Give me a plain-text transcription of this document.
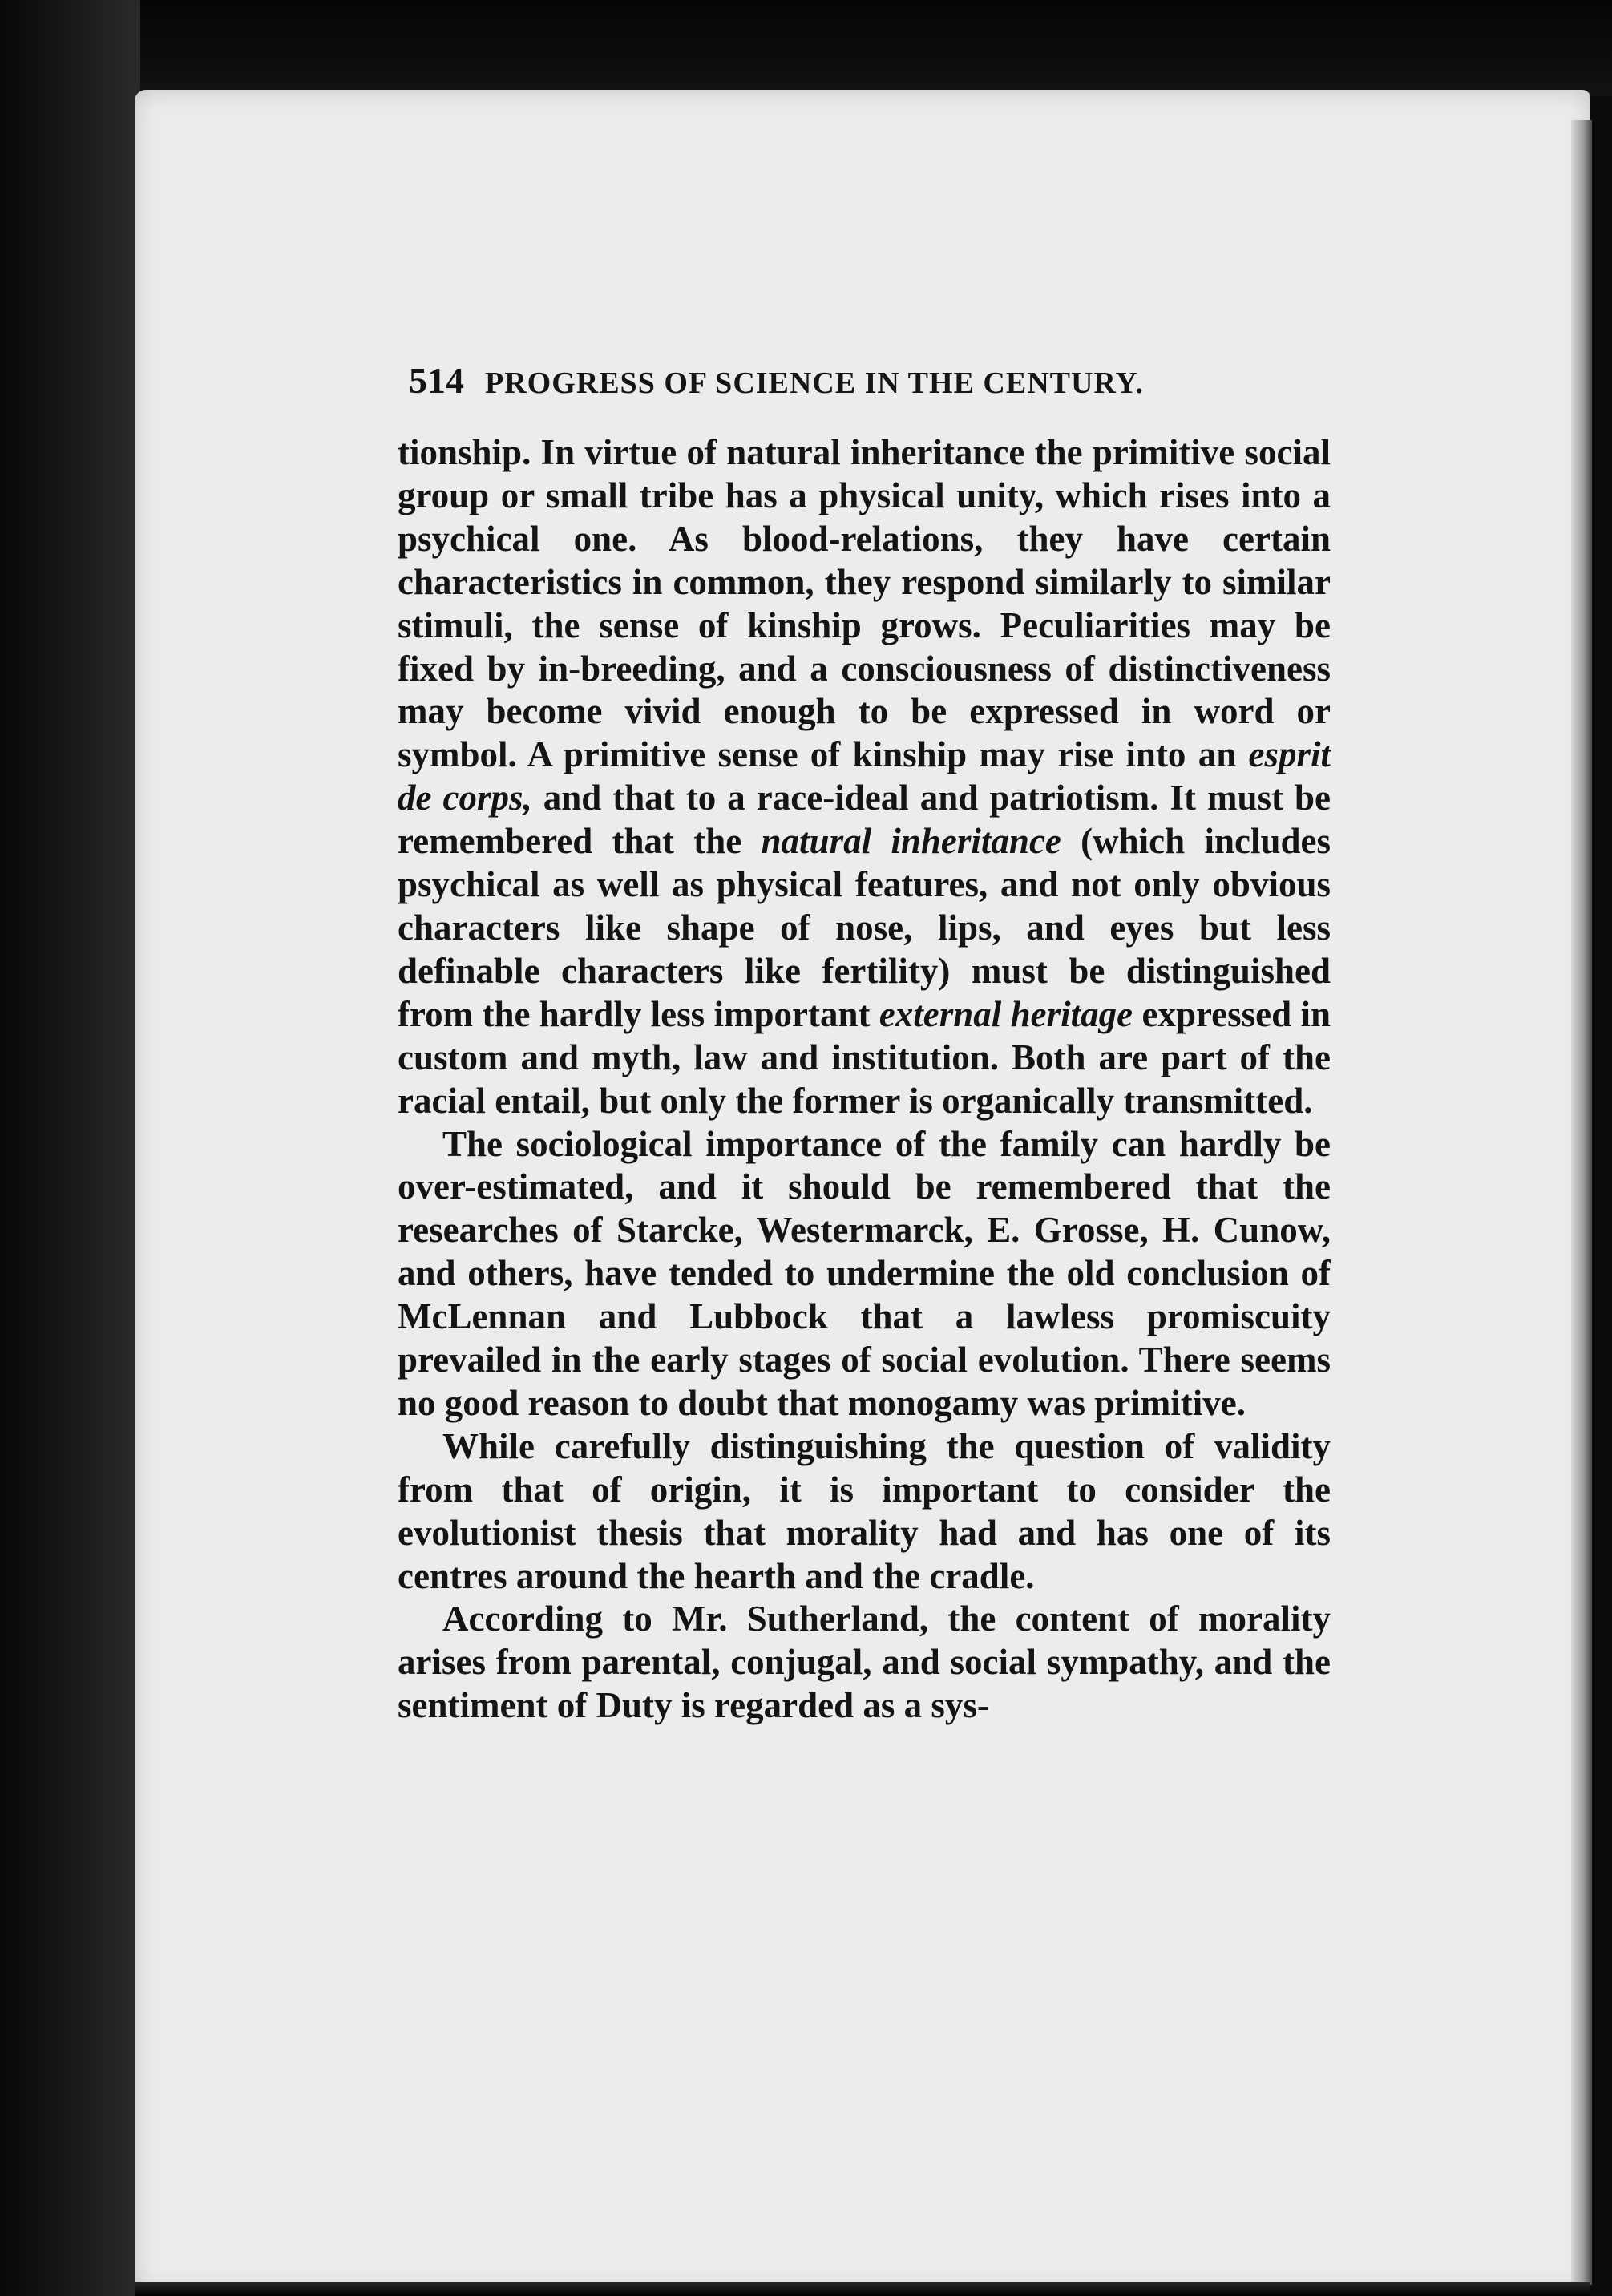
514 PROGRESS OF SCIENCE IN THE CENTURY.

tionship. In virtue of natural inheritance the primitive social group or small tribe has a physical unity, which rises into a psychical one. As blood-relations, they have certain characteristics in common, they respond similarly to similar stimuli, the sense of kinship grows. Peculiarities may be fixed by in-breeding, and a consciousness of distinctiveness may become vivid enough to be expressed in word or symbol. A primitive sense of kinship may rise into an esprit de corps, and that to a race-ideal and patriotism. It must be remembered that the natural inheritance (which includes psychical as well as physical features, and not only obvious characters like shape of nose, lips, and eyes but less definable characters like fertility) must be distinguished from the hardly less important external heritage expressed in custom and myth, law and institution. Both are part of the racial entail, but only the former is organically transmitted.

The sociological importance of the family can hardly be over-estimated, and it should be remembered that the researches of Starcke, Westermarck, E. Grosse, H. Cunow, and others, have tended to undermine the old conclusion of McLennan and Lubbock that a lawless promiscuity prevailed in the early stages of social evolution. There seems no good reason to doubt that monogamy was primitive.

While carefully distinguishing the question of validity from that of origin, it is important to consider the evolutionist thesis that morality had and has one of its centres around the hearth and the cradle.

According to Mr. Sutherland, the content of morality arises from parental, conjugal, and social sympathy, and the sentiment of Duty is regarded as a sys-
